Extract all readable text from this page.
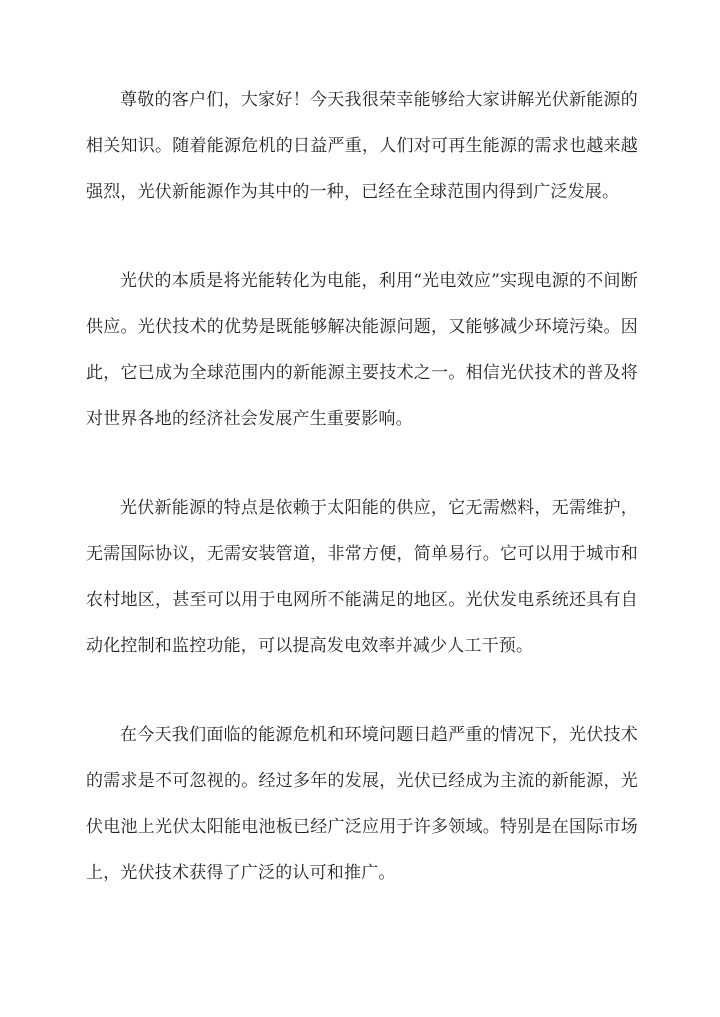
尊敬的客户们，大家好！今天我很荣幸能够给大家讲解光伏新能源的相关知识。随着能源危机的日益严重，人们对可再生能源的需求也越来越强烈，光伏新能源作为其中的一种，已经在全球范围内得到广泛发展。

光伏的本质是将光能转化为电能，利用“光电效应”实现电源的不间断供应。光伏技术的优势是既能够解决能源问题，又能够减少环境污染。因此，它已成为全球范围内的新能源主要技术之一。相信光伏技术的普及将对世界各地的经济社会发展产生重要影响。

光伏新能源的特点是依赖于太阳能的供应，它无需燃料，无需维护，无需国际协议，无需安装管道，非常方便，简单易行。它可以用于城市和农村地区，甚至可以用于电网所不能满足的地区。光伏发电系统还具有自动化控制和监控功能，可以提高发电效率并减少人工干预。

在今天我们面临的能源危机和环境问题日趋严重的情况下，光伏技术的需求是不可忽视的。经过多年的发展，光伏已经成为主流的新能源，光伏电池上光伏太阳能电池板已经广泛应用于许多领域。特别是在国际市场上，光伏技术获得了广泛的认可和推广。
